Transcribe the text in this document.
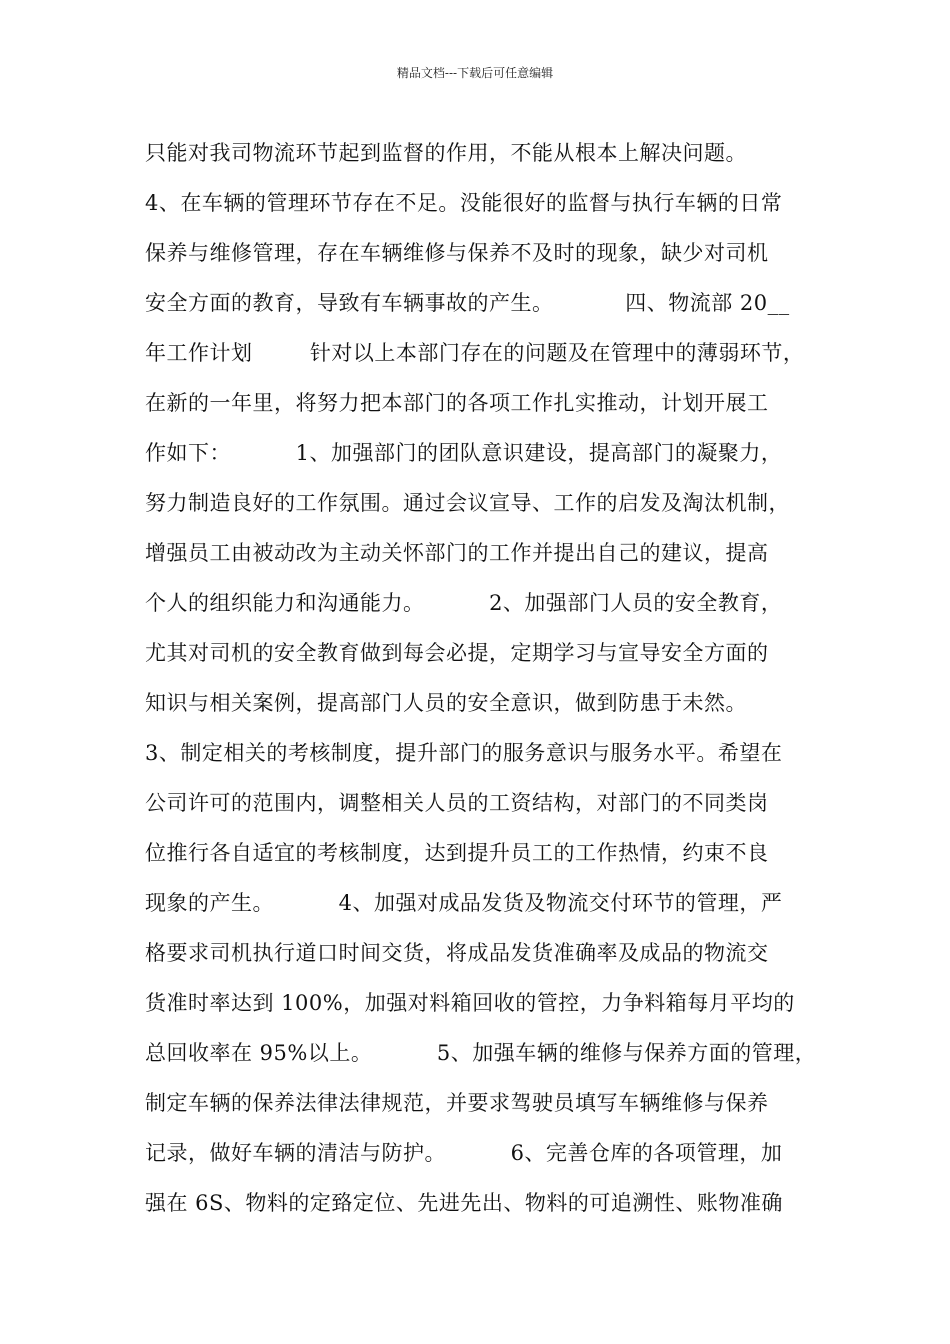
精品文档---下载后可任意编辑
只能对我司物流环节起到监督的作用，不能从根本上解决问题。
4、在车辆的管理环节存在不足。没能很好的监督与执行车辆的日常
保养与维修管理，存在车辆维修与保养不及时的现象，缺少对司机
安全方面的教育，导致有车辆事故的产生。          四、物流部 20__
年工作计划        针对以上本部门存在的问题及在管理中的薄弱环节，
在新的一年里，将努力把本部门的各项工作扎实推动，计划开展工
作如下：         1、加强部门的团队意识建设，提高部门的凝聚力，
努力制造良好的工作氛围。通过会议宣导、工作的启发及淘汰机制，
增强员工由被动改为主动关怀部门的工作并提出自己的建议，提高
个人的组织能力和沟通能力。         2、加强部门人员的安全教育，
尤其对司机的安全教育做到每会必提，定期学习与宣导安全方面的
知识与相关案例，提高部门人员的安全意识，做到防患于未然。
3、制定相关的考核制度，提升部门的服务意识与服务水平。希望在
公司许可的范围内，调整相关人员的工资结构，对部门的不同类岗
位推行各自适宜的考核制度，达到提升员工的工作热情，约束不良
现象的产生。         4、加强对成品发货及物流交付环节的管理，严
格要求司机执行道口时间交货，将成品发货准确率及成品的物流交
货准时率达到 100%，加强对料箱回收的管控，力争料箱每月平均的
总回收率在 95%以上。         5、加强车辆的维修与保养方面的管理，
制定车辆的保养法律法律规范，并要求驾驶员填写车辆维修与保养
记录，做好车辆的清洁与防护。         6、完善仓库的各项管理，加
强在 6S、物料的定臵定位、先进先出、物料的可追溯性、账物准确
